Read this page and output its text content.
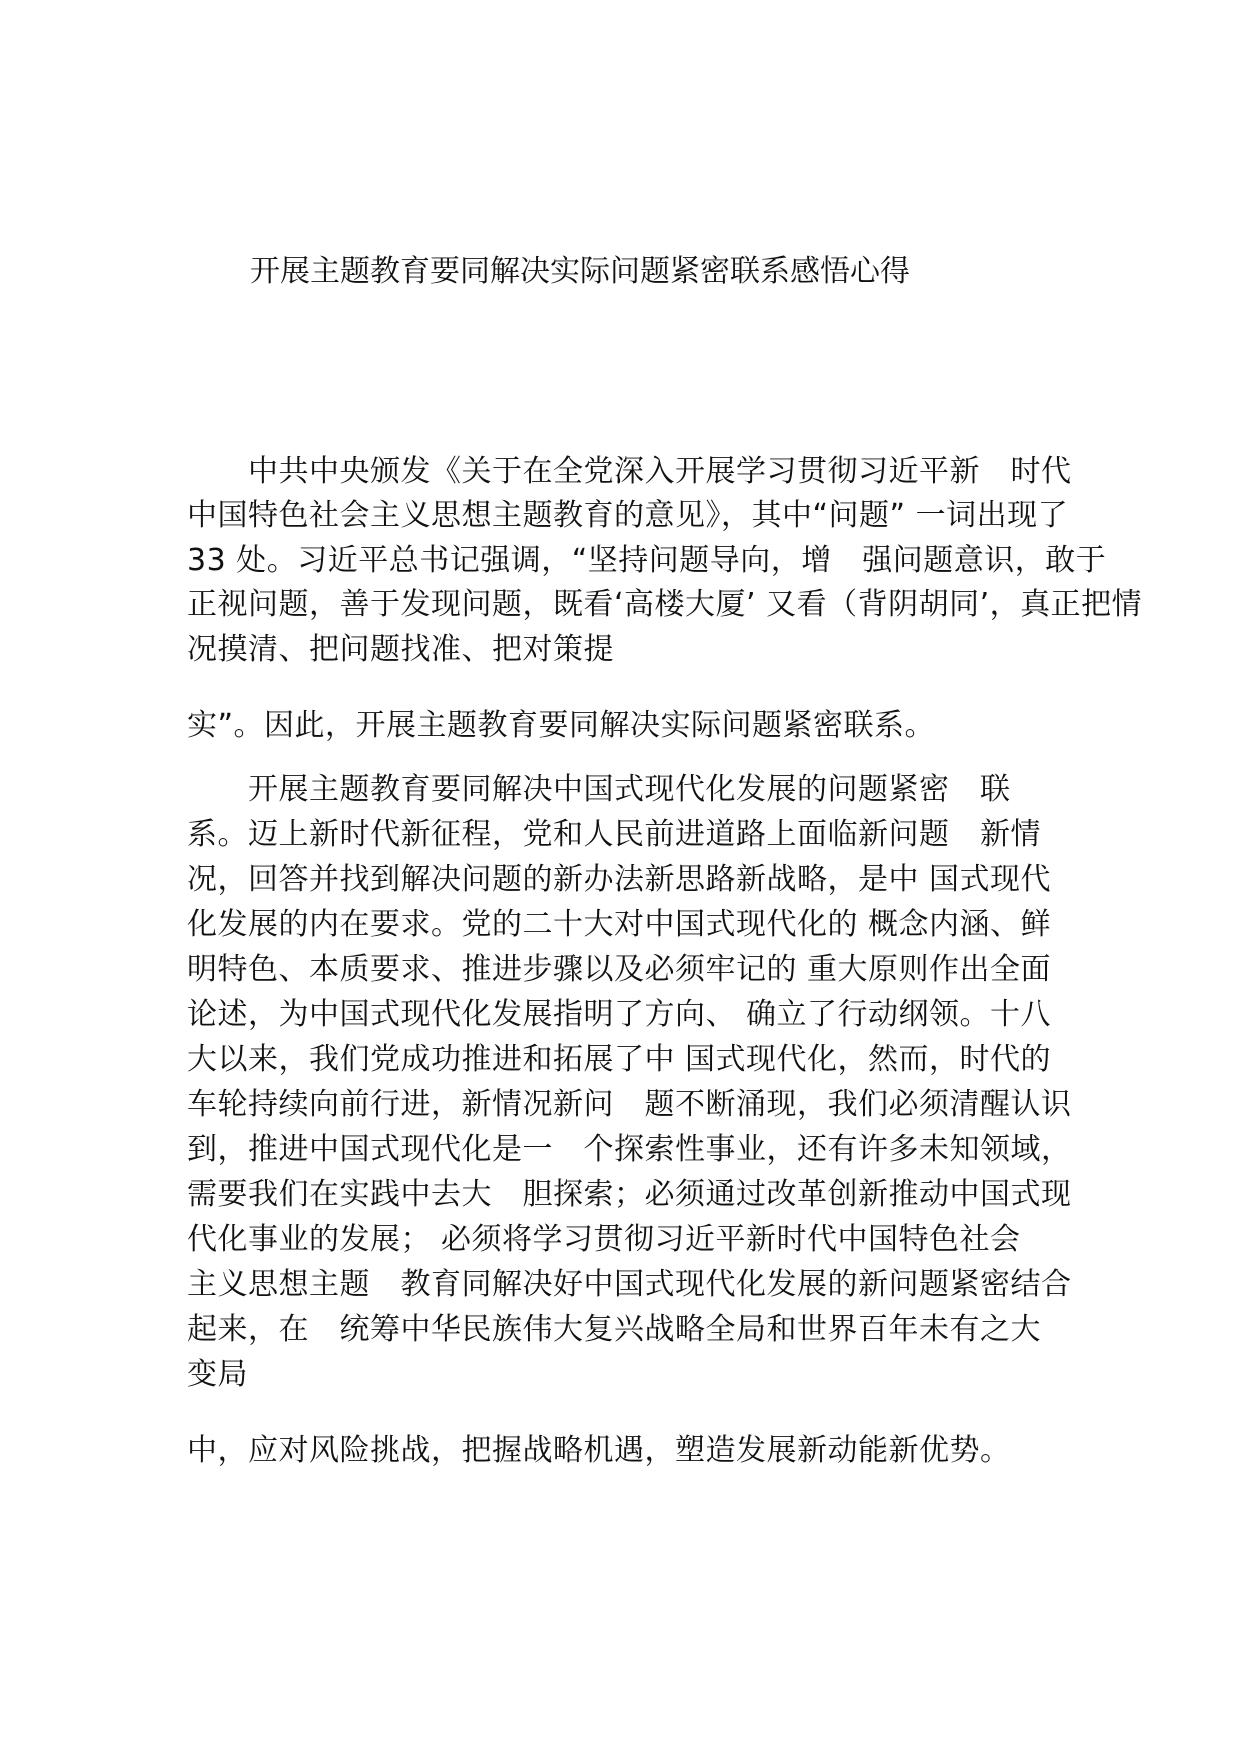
开展主题教育要同解决实际问题紧密联系感悟心得
　　中共中央颁发《关于在全党深入开展学习贯彻习近平新　时代
中国特色社会主义思想主题教育的意见》，其中“问题” 一词出现了
33 处。习近平总书记强调，“坚持问题导向，增　强问题意识，敢于
正视问题，善于发现问题，既看‘高楼大厦’ 又看（背阴胡同’，真正把情
况摸清、把问题找准、把对策提
实”。因此，开展主题教育要同解决实际问题紧密联系。
　　开展主题教育要同解决中国式现代化发展的问题紧密　联
系。迈上新时代新征程，党和人民前进道路上面临新问题　新情
况，回答并找到解决问题的新办法新思路新战略，是中 国式现代
化发展的内在要求。党的二十大对中国式现代化的 概念内涵、鲜
明特色、本质要求、推进步骤以及必须牢记的 重大原则作出全面
论述，为中国式现代化发展指明了方向、 确立了行动纲领。十八
大以来，我们党成功推进和拓展了中 国式现代化，然而，时代的
车轮持续向前行进，新情况新问　题不断涌现，我们必须清醒认识
到，推进中国式现代化是一　个探索性事业，还有许多未知领域，
需要我们在实践中去大　胆探索；必须通过改革创新推动中国式现
代化事业的发展； 必须将学习贯彻习近平新时代中国特色社会
主义思想主题　教育同解决好中国式现代化发展的新问题紧密结合
起来，在　统筹中华民族伟大复兴战略全局和世界百年未有之大
变局
中，应对风险挑战，把握战略机遇，塑造发展新动能新优势。
